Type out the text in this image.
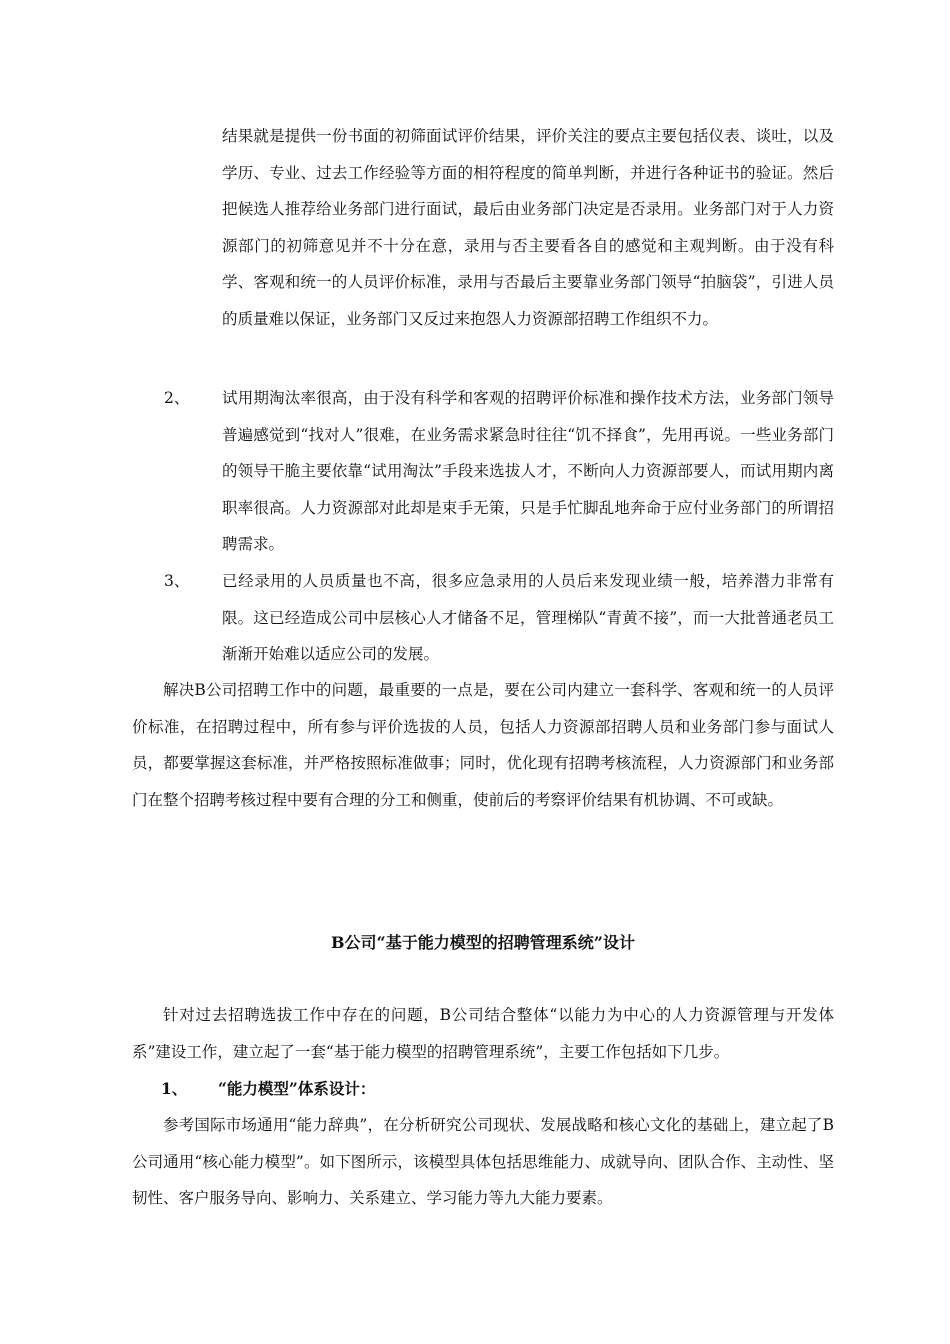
结果就是提供一份书面的初筛面试评价结果，评价关注的要点主要包括仪表、谈吐，以及学历、专业、过去工作经验等方面的相符程度的简单判断，并进行各种证书的验证。然后把候选人推荐给业务部门进行面试，最后由业务部门决定是否录用。业务部门对于人力资源部门的初筛意见并不十分在意，录用与否主要看各自的感觉和主观判断。由于没有科学、客观和统一的人员评价标准，录用与否最后主要靠业务部门领导“拍脑袋”，引进人员的质量难以保证，业务部门又反过来抱怨人力资源部招聘工作组织不力。

2、 试用期淘汰率很高，由于没有科学和客观的招聘评价标准和操作技术方法，业务部门领导普遍感觉到“找对人”很难，在业务需求紧急时往往“饥不择食”，先用再说。一些业务部门的领导干脆主要依靠“试用淘汰”手段来选拔人才，不断向人力资源部要人，而试用期内离职率很高。人力资源部对此却是束手无策，只是手忙脚乱地奔命于应付业务部门的所谓招聘需求。

3、 已经录用的人员质量也不高，很多应急录用的人员后来发现业绩一般，培养潜力非常有限。这已经造成公司中层核心人才储备不足，管理梯队“青黄不接”，而一大批普通老员工渐渐开始难以适应公司的发展。

解决B公司招聘工作中的问题，最重要的一点是，要在公司内建立一套科学、客观和统一的人员评价标准，在招聘过程中，所有参与评价选拔的人员，包括人力资源部招聘人员和业务部门参与面试人员，都要掌握这套标准，并严格按照标准做事；同时，优化现有招聘考核流程，人力资源部门和业务部门在整个招聘考核过程中要有合理的分工和侧重，使前后的考察评价结果有机协调、不可或缺。

B公司“基于能力模型的招聘管理系统”设计

针对过去招聘选拔工作中存在的问题，B公司结合整体“以能力为中心的人力资源管理与开发体系”建设工作，建立起了一套“基于能力模型的招聘管理系统”，主要工作包括如下几步。

1、 “能力模型”体系设计：

参考国际市场通用“能力辞典”，在分析研究公司现状、发展战略和核心文化的基础上，建立起了B公司通用“核心能力模型”。如下图所示，该模型具体包括思维能力、成就导向、团队合作、主动性、坚韧性、客户服务导向、影响力、关系建立、学习能力等九大能力要素。
